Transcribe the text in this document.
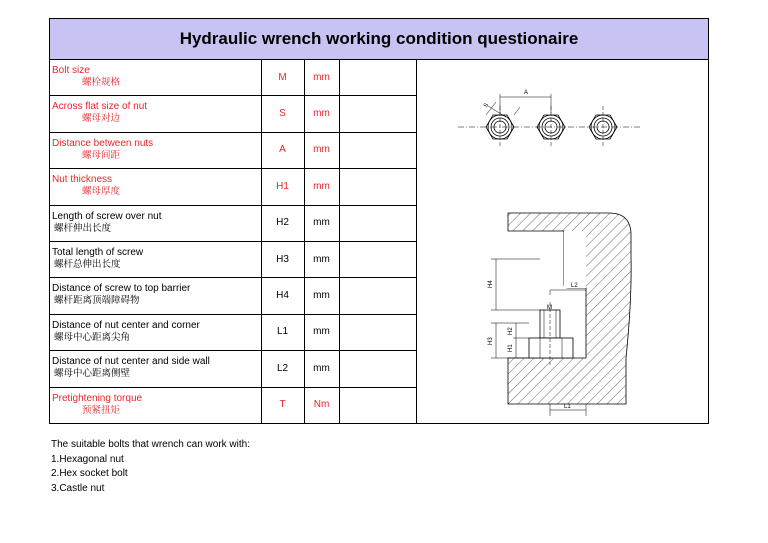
Hydraulic wrench working condition questionaire
Bolt size
螺栓规格	M	mm	

Across flat size of nut
螺母对边	S	mm	

Distance between nuts
螺母间距	A	mm	

Nut thickness
螺母厚度	H1	mm	

Length of screw over nut
螺杆伸出长度	H2	mm	

Total length of screw
螺杆总伸出长度	H3	mm	

Distance of screw to top barrier
螺杆距离顶端障碍物	H4	mm	

Distance of nut center and corner
螺母中心距离尖角	L1	mm	

Distance of nut center and side wall
螺母中心距离侧壁	L2	mm	

Pretightening torque
预紧扭矩	T	Nm	
A
S
M
H4
H3
H2
H1
L2
L1
The suitable bolts that wrench can work with:
1.Hexagonal nut
2.Hex socket bolt
3.Castle nut
